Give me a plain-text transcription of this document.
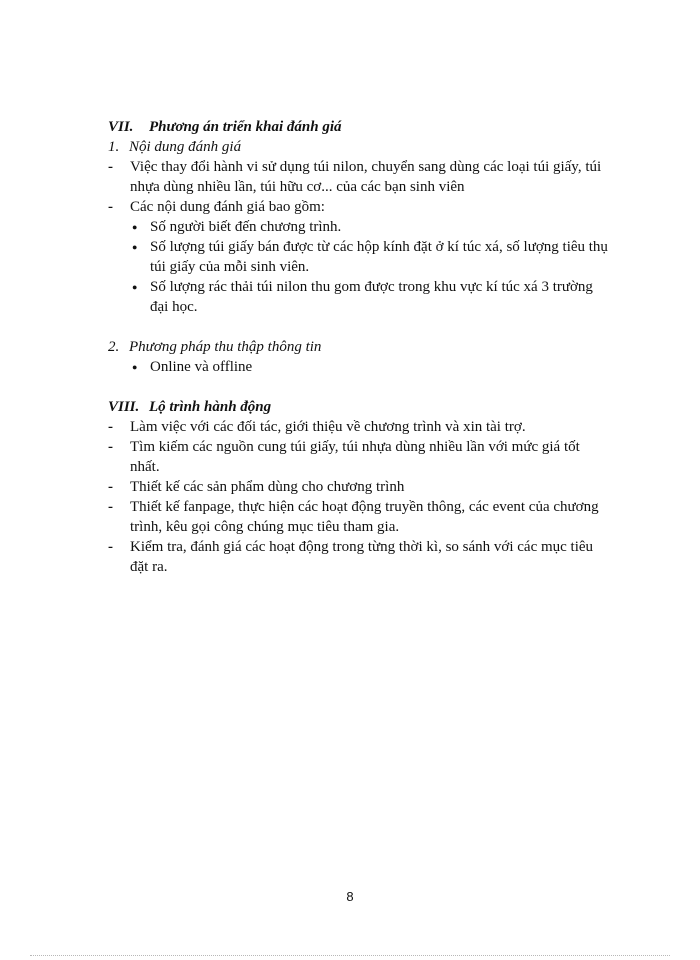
VII. Phương án triển khai đánh giá
1. Nội dung đánh giá

- Việc thay đổi hành vi sử dụng túi nilon, chuyển sang dùng các loại túi giấy, túi nhựa dùng nhiều lần, túi hữu cơ... của các bạn sinh viên

- Các nội dung đánh giá bao gồm:

● Số người biết đến chương trình.
● Số lượng túi giấy bán được từ các hộp kính đặt ở kí túc xá, số lượng tiêu thụ túi giấy của mỗi sinh viên.
● Số lượng rác thải túi nilon thu gom được trong khu vực kí túc xá 3 trường đại học.
2. Phương pháp thu thập thông tin
● Online và offline
VIII. Lộ trình hành động

- Làm việc với các đối tác, giới thiệu về chương trình và xin tài trợ.

- Tìm kiếm các nguồn cung túi giấy, túi nhựa dùng nhiều lần với mức giá tốt nhất.

- Thiết kế các sản phẩm dùng cho chương trình

- Thiết kế fanpage, thực hiện các hoạt động truyền thông, các event của chương trình, kêu gọi công chúng mục tiêu tham gia.

- Kiểm tra, đánh giá các hoạt động trong từng thời kì, so sánh với các mục tiêu đặt ra.

8
